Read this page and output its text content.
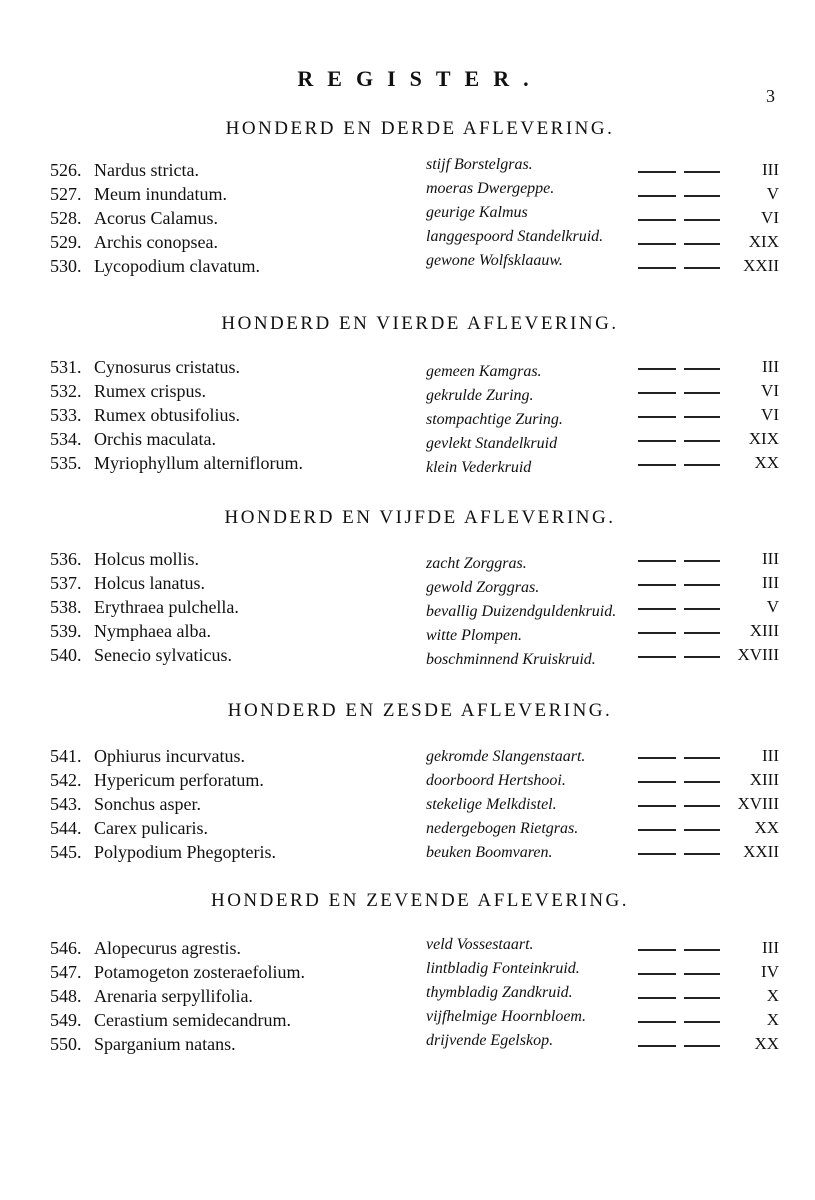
REGISTER.
3
HONDERD EN DERDE AFLEVERING.
526. Nardus stricta.	stijf Borstelgras.	III
527. Meum inundatum.	moeras Dwergeppe.	V
528. Acorus Calamus.	geurige Kalmus	VI
529. Archis conopsea.	langgespoord Standelkruid.	XIX
530. Lycopodium clavatum.	gewone Wolfsklaauw.	XXII
HONDERD EN VIERDE AFLEVERING.
531. Cynosurus cristatus.	gemeen Kamgras.	III
532. Rumex crispus.	gekrulde Zuring.	VI
533. Rumex obtusifolius.	stompachtige Zuring.	VI
534. Orchis maculata.	gevlekt Standelkruid	XIX
535. Myriophyllum alterniflorum.	klein Vederkruid	XX
HONDERD EN VIJFDE AFLEVERING.
536. Holcus mollis.	zacht Zorggras.	III
537. Holcus lanatus.	gewold Zorggras.	III
538. Erythraea pulchella.	bevallig Duizendguldenkruid.	V
539. Nymphaea alba.	witte Plompen.	XIII
540. Senecio sylvaticus.	boschminnend Kruiskruid.	XVIII
HONDERD EN ZESDE AFLEVERING.
541. Ophiurus incurvatus.	gekromde Slangenstaart.	III
542. Hypericum perforatum.	doorboord Hertshooi.	XIII
543. Sonchus asper.	stekelige Melkdistel.	XVIII
544. Carex pulicaris.	nedergebogen Rietgras.	XX
545. Polypodium Phegopteris.	beuken Boomvaren.	XXII
HONDERD EN ZEVENDE AFLEVERING.
546. Alopecurus agrestis.	veld Vossestaart.	III
547. Potamogeton zosteraefolium.	lintbladig Fonteinkruid.	IV
548. Arenaria serpyllifolia.	thymbladig Zandkruid.	X
549. Cerastium semidecandrum.	vijfhelmige Hoornbloem.	X
550. Sparganium natans.	drijvende Egelskop.	XX
